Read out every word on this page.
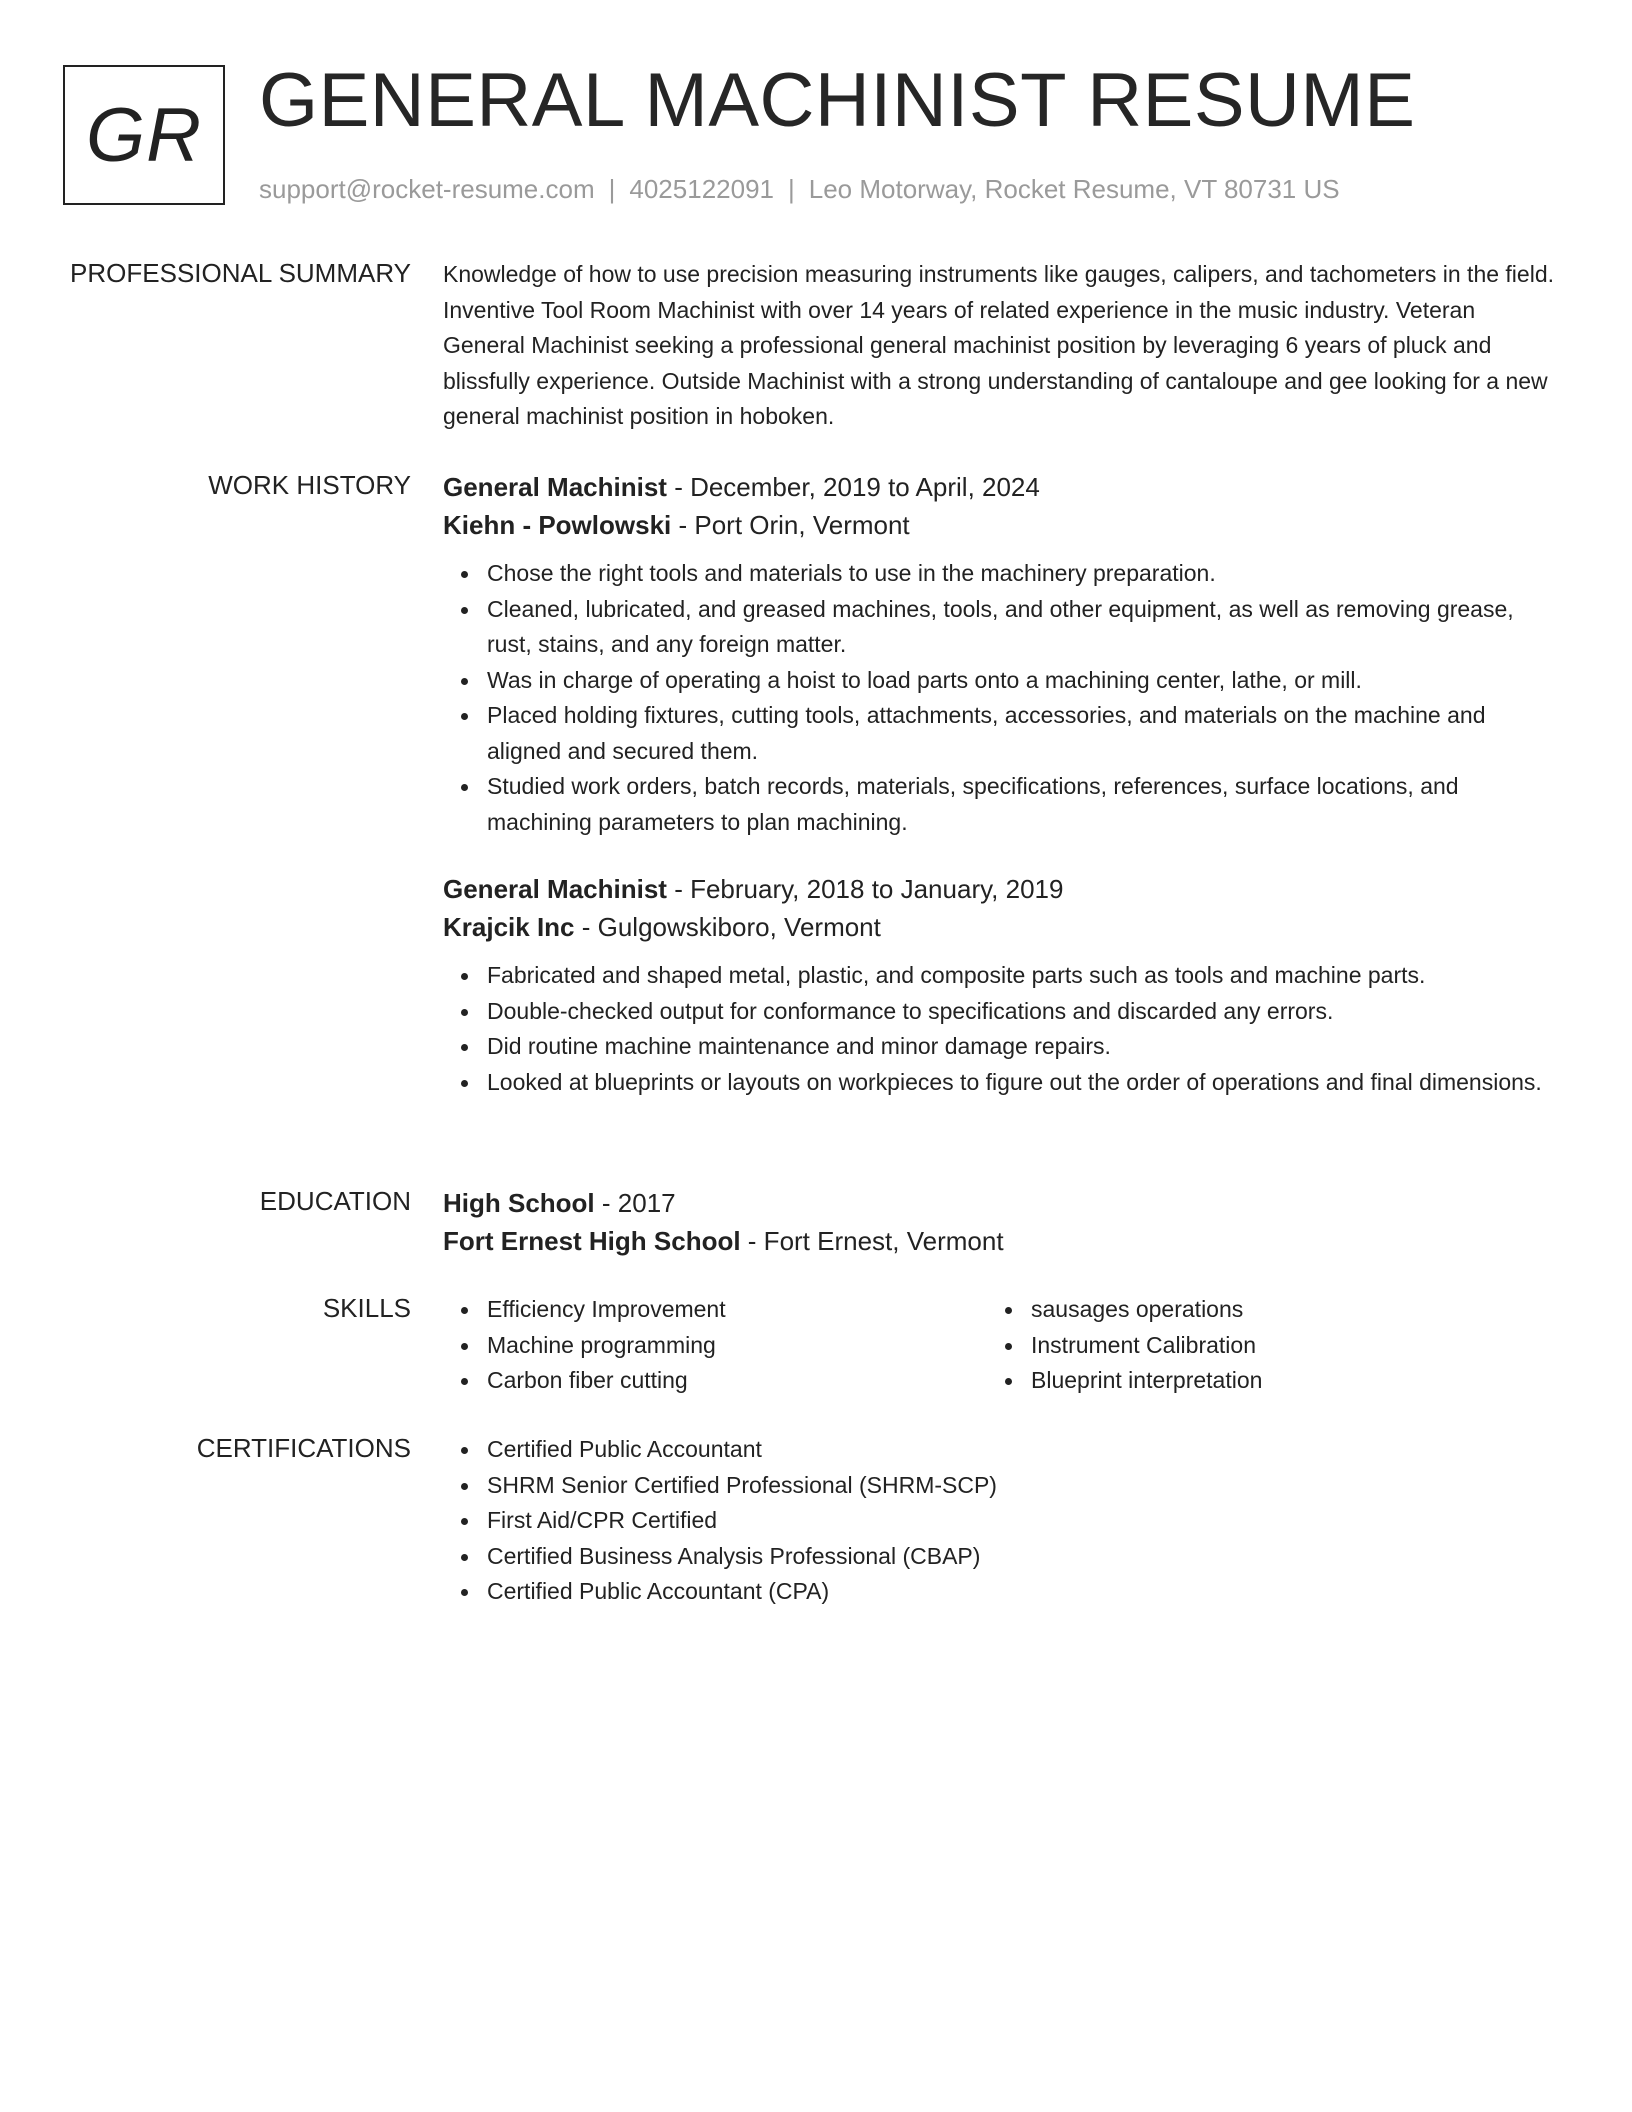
GR GENERAL MACHINIST RESUME
support@rocket-resume.com | 4025122091 | Leo Motorway, Rocket Resume, VT 80731 US
PROFESSIONAL SUMMARY Knowledge of how to use precision measuring instruments like gauges, calipers, and tachometers in the field. Inventive Tool Room Machinist with over 14 years of related experience in the music industry. Veteran General Machinist seeking a professional general machinist position by leveraging 6 years of pluck and blissfully experience. Outside Machinist with a strong understanding of cantaloupe and gee looking for a new general machinist position in hoboken.

WORK HISTORY General Machinist - December, 2019 to April, 2024

Kiehn - Powlowski - Port Orin, Vermont

Chose the right tools and materials to use in the machinery preparation.
Cleaned, lubricated, and greased machines, tools, and other equipment, as well as removing grease, rust, stains, and any foreign matter.
Was in charge of operating a hoist to load parts onto a machining center, lathe, or mill.
Placed holding fixtures, cutting tools, attachments, accessories, and materials on the machine and aligned and secured them.
Studied work orders, batch records, materials, specifications, references, surface locations, and machining parameters to plan machining.

General Machinist - February, 2018 to January, 2019

Krajcik Inc - Gulgowskiboro, Vermont

Fabricated and shaped metal, plastic, and composite parts such as tools and machine parts.
Double-checked output for conformance to specifications and discarded any errors.
Did routine machine maintenance and minor damage repairs.
Looked at blueprints or layouts on workpieces to figure out the order of operations and final dimensions.
EDUCATION High School - 2017

Fort Ernest High School - Fort Ernest, Vermont

SKILLS	Efficiency Improvement
Machine programming
Carbon fiber cutting
sausages operations
Instrument Calibration
Blueprint interpretation
CERTIFICATIONS	Certified Public Accountant
SHRM Senior Certified Professional (SHRM-SCP)
First Aid/CPR Certified
Certified Business Analysis Professional (CBAP)
Certified Public Accountant (CPA)
